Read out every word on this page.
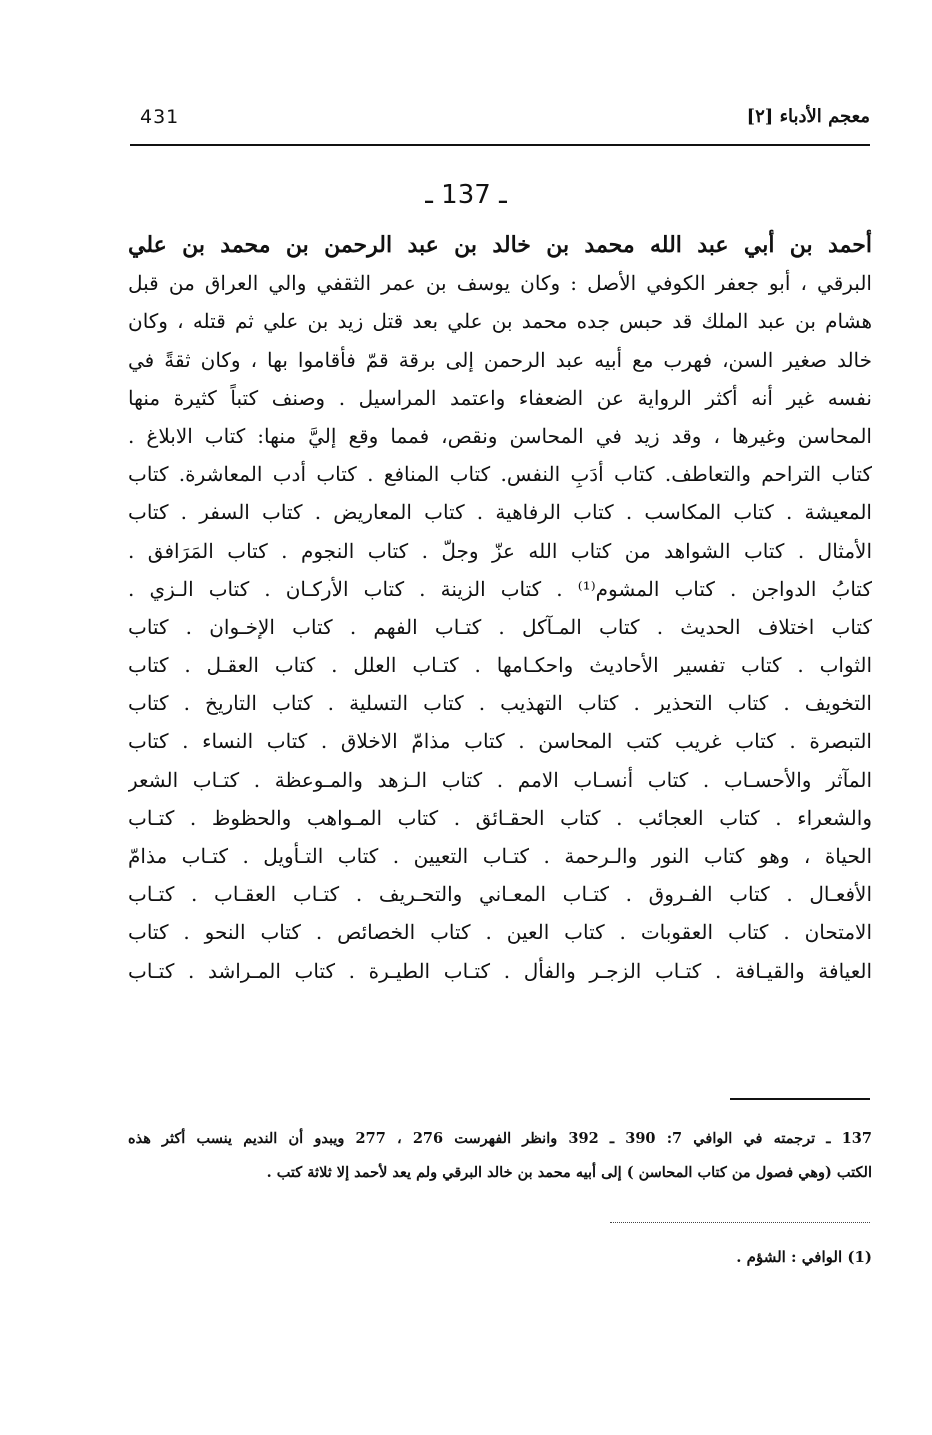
431	معجم الأدباء [٢]
ـ 137 ـ
أحمد بن أبي عبد الله محمد بن خالد بن عبد الرحمن بن محمد بن علي
البرقي ، أبو جعفر الكوفي الأصل : وكان يوسف بن عمر الثقفي والي العراق من قبل
هشام بن عبد الملك قد حبس جده محمد بن علي بعد قتل زيد بن علي ثم قتله ، وكان
خالد صغير السن، فهرب مع أبيه عبد الرحمن إلى برقة قمّ فأقاموا بها ، وكان ثقةً في
نفسه غير أنه أكثر الرواية عن الضعفاء واعتمد المراسيل . وصنف كتباً كثيرة منها
المحاسن وغيرها ، وقد زيد في المحاسن ونقص، فمما وقع إليَّ منها: كتاب الابلاغ .
كتاب التراحم والتعاطف. كتاب أدَبِ النفس. كتاب المنافع . كتاب أدب المعاشرة. كتاب
المعيشة . كتاب المكاسب . كتاب الرفاهية . كتاب المعاريض . كتاب السفر . كتاب
الأمثال . كتاب الشواهد من كتاب الله عزّ وجلّ . كتاب النجوم . كتاب المَرَافق .
كتابُ الدواجن . كتاب المشوم⁽¹⁾ . كتاب الزينة . كتاب الأركـان . كتاب الـزي .
كتاب اختلاف الحديث . كتاب المـآكل . كتـاب الفهم . كتاب الإخـوان . كتاب
الثواب . كتاب تفسير الأحاديث واحكـامها . كتـاب العلل . كتاب العقـل . كتاب
التخويف . كتاب التحذير . كتاب التهذيب . كتاب التسلية . كتاب التاريخ . كتاب
التبصرة . كتاب غريب كتب المحاسن . كتاب مذامّ الاخلاق . كتاب النساء . كتاب
المآثر والأحسـاب . كتاب أنسـاب الامم . كتاب الـزهد والمـوعظة . كتـاب الشعر
والشعراء . كتاب العجائب . كتاب الحقـائق . كتاب المـواهب والحظوظ . كتـاب
الحياة ، وهو كتاب النور والـرحمة . كتـاب التعيين . كتاب التـأويل . كتـاب مذامّ
الأفعـال . كتاب الفـروق . كتـاب المعـاني والتحـريف . كتـاب العقـاب . كتـاب
الامتحان . كتاب العقوبات . كتاب العين . كتاب الخصائص . كتاب النحو . كتاب
العيافة والقيـافة . كتـاب الزجـر والفأل . كتـاب الطيـرة . كتاب المـراشد . كتـاب
137 ـ ترجمته في الوافي 7: 390 ـ 392 وانظر الفهرست 276 ، 277 ويبدو أن النديم ينسب أكثر هذه
الكتب (وهي فصول من كتاب المحاسن ) إلى أبيه محمد بن خالد البرقي ولم يعد لأحمد إلا ثلاثة كتب .
(1) الوافي : الشؤم .
